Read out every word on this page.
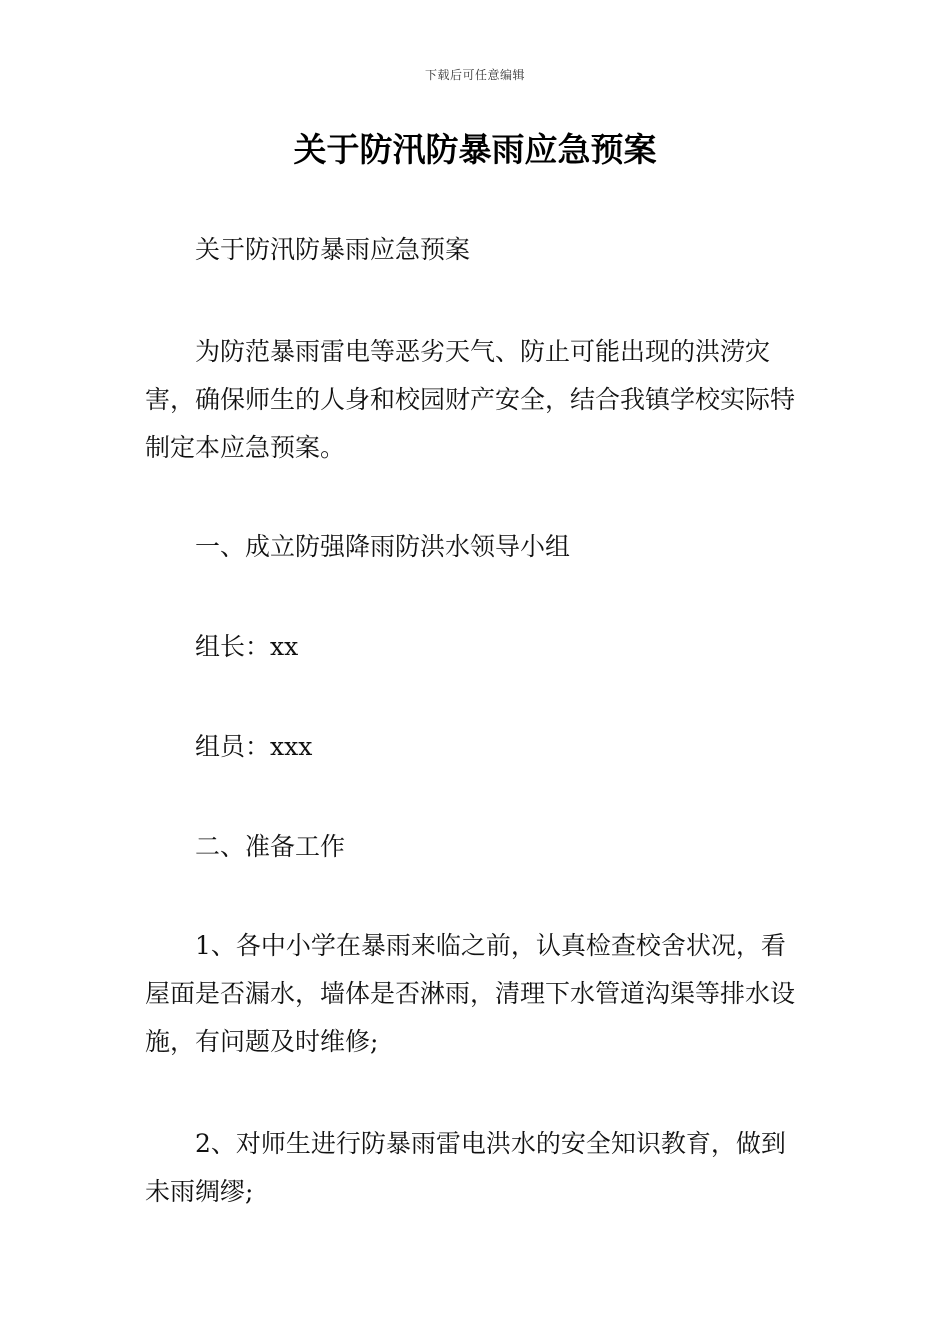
下载后可任意编辑
关于防汛防暴雨应急预案

关于防汛防暴雨应急预案

为防范暴雨雷电等恶劣天气、防止可能出现的洪涝灾害，确保师生的人身和校园财产安全，结合我镇学校实际特制定本应急预案。

一、成立防强降雨防洪水领导小组

组长：xx

组员：xxx

二、准备工作

1、各中小学在暴雨来临之前，认真检查校舍状况，看屋面是否漏水，墙体是否淋雨，清理下水管道沟渠等排水设施，有问题及时维修;

2、对师生进行防暴雨雷电洪水的安全知识教育，做到未雨绸缪;
